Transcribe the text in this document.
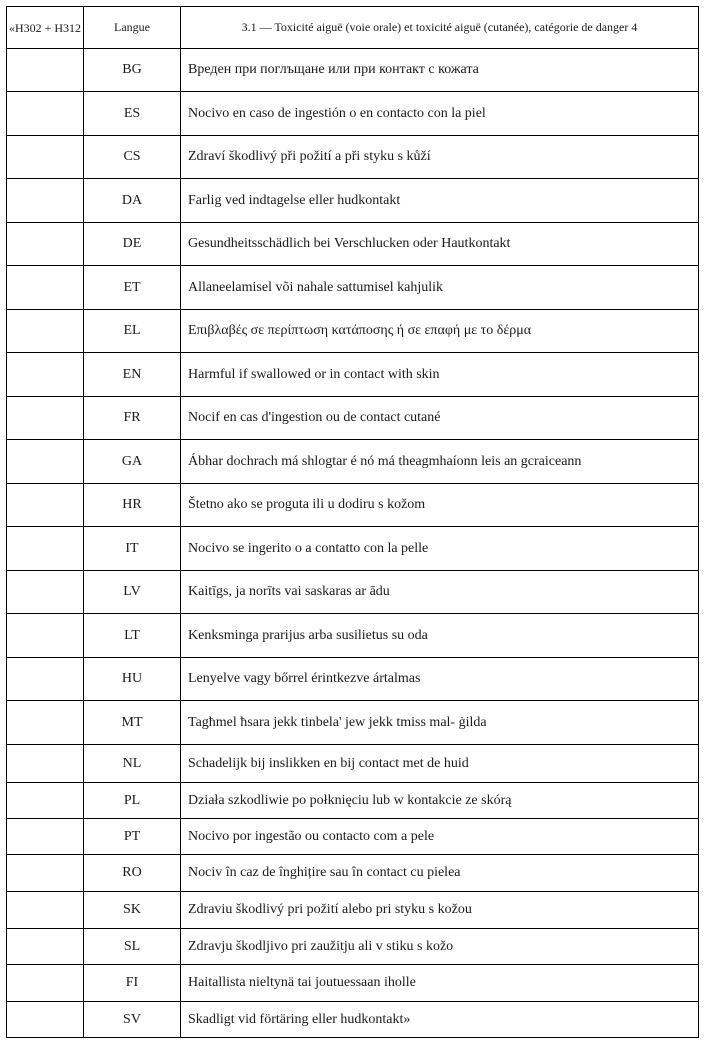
«H302 + H312	Langue	3.1 — Toxicité aiguë (voie orale) et toxicité aiguë (cutanée), catégorie de danger 4
	BG	Вреден при поглъщане или при контакт с кожата
	ES	Nocivo en caso de ingestión o en contacto con la piel
	CS	Zdraví škodlivý při požití a při styku s kůží
	DA	Farlig ved indtagelse eller hudkontakt
	DE	Gesundheitsschädlich bei Verschlucken oder Hautkontakt
	ET	Allaneelamisel või nahale sattumisel kahjulik
	EL	Επιβλαβές σε περίπτωση κατάποσης ή σε επαφή με το δέρμα
	EN	Harmful if swallowed or in contact with skin
	FR	Nocif en cas d'ingestion ou de contact cutané
	GA	Ábhar dochrach má shlogtar é nó má theagmhaíonn leis an gcraiceann
	HR	Štetno ako se proguta ili u dodiru s kožom
	IT	Nocivo se ingerito o a contatto con la pelle
	LV	Kaitīgs, ja norīts vai saskaras ar ādu
	LT	Kenksminga prarijus arba susilietus su oda
	HU	Lenyelve vagy bőrrel érintkezve ártalmas
	MT	Tagħmel ħsara jekk tinbela' jew jekk tmiss mal- ġilda
	NL	Schadelijk bij inslikken en bij contact met de huid
	PL	Działa szkodliwie po połknięciu lub w kontakcie ze skórą
	PT	Nocivo por ingestão ou contacto com a pele
	RO	Nociv în caz de înghițire sau în contact cu pielea
	SK	Zdraviu škodlivý pri požití alebo pri styku s kožou
	SL	Zdravju škodljivo pri zaužitju ali v stiku s kožo
	FI	Haitallista nieltynä tai joutuessaan iholle
	SV	Skadligt vid förtäring eller hudkontakt»
